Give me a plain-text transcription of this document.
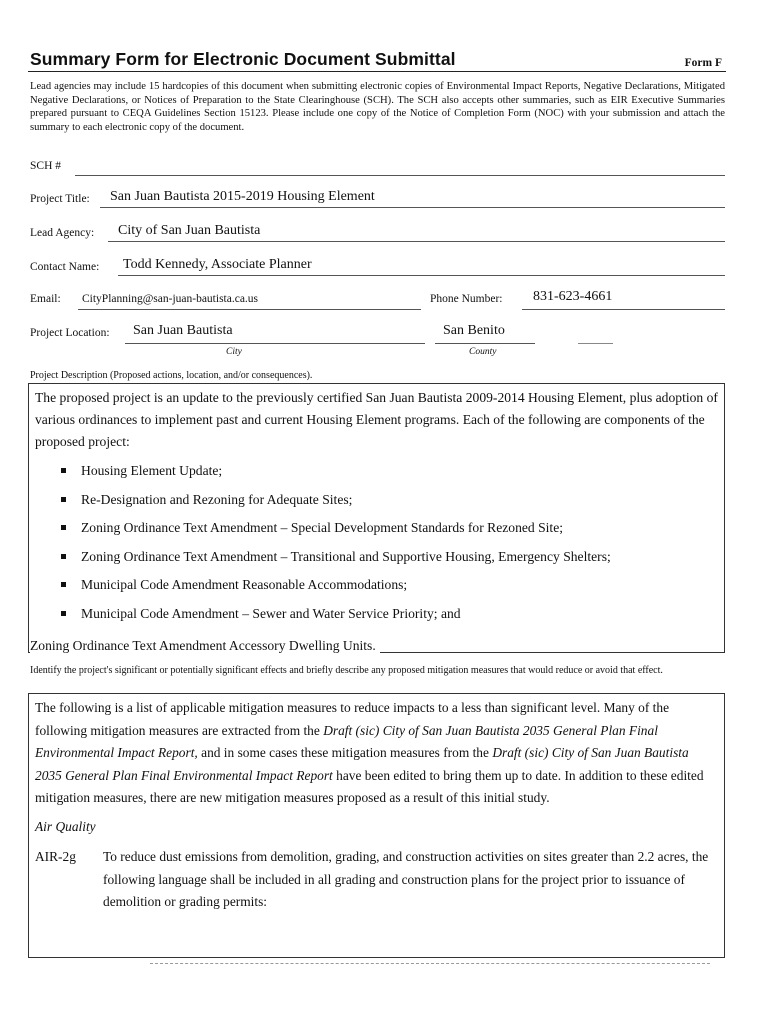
Summary Form for Electronic Document Submittal	Form F
Lead agencies may include 15 hardcopies of this document when submitting electronic copies of Environmental Impact Reports, Negative Declarations, Mitigated Negative Declarations, or Notices of Preparation to the State Clearinghouse (SCH). The SCH also accepts other summaries, such as EIR Executive Summaries prepared pursuant to CEQA Guidelines Section 15123. Please include one copy of the Notice of Completion Form (NOC) with your submission and attach the summary to each electronic copy of the document.
SCH #
Project Title: San Juan Bautista 2015-2019 Housing Element
Lead Agency: City of San Juan Bautista
Contact Name: Todd Kennedy, Associate Planner
Email: CityPlanning@san-juan-bautista.ca.us	Phone Number: 831-623-4661
Project Location: San Juan Bautista
City
San Benito
County
Project Description (Proposed actions, location, and/or consequences).
The proposed project is an update to the previously certified San Juan Bautista 2009-2014 Housing Element, plus adoption of various ordinances to implement past and current Housing Element programs. Each of the following are components of the proposed project:
Housing Element Update;
Re-Designation and Rezoning for Adequate Sites;
Zoning Ordinance Text Amendment – Special Development Standards for Rezoned Site;
Zoning Ordinance Text Amendment – Transitional and Supportive Housing, Emergency Shelters;
Municipal Code Amendment Reasonable Accommodations;
Municipal Code Amendment – Sewer and Water Service Priority; and
Zoning Ordinance Text Amendment Accessory Dwelling Units.
Identify the project's significant or potentially significant effects and briefly describe any proposed mitigation measures that would reduce or avoid that effect.
The following is a list of applicable mitigation measures to reduce impacts to a less than significant level. Many of the following mitigation measures are extracted from the Draft (sic) City of San Juan Bautista 2035 General Plan Final Environmental Impact Report, and in some cases these mitigation measures from the Draft (sic) City of San Juan Bautista 2035 General Plan Final Environmental Impact Report have been edited to bring them up to date. In addition to these edited mitigation measures, there are new mitigation measures proposed as a result of this initial study.
Air Quality
AIR-2g To reduce dust emissions from demolition, grading, and construction activities on sites greater than 2.2 acres, the following language shall be included in all grading and construction plans for the project prior to issuance of demolition or grading permits:
